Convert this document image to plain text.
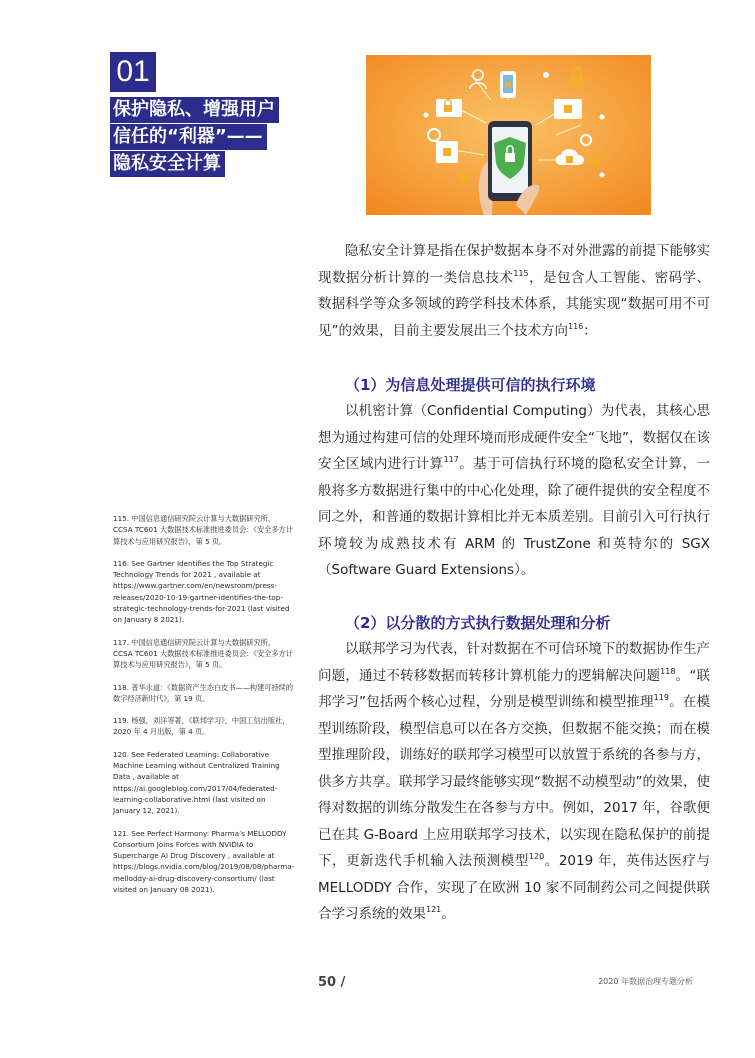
01
保护隐私、增强用户
信任的“利器”——
隐私安全计算

隐私安全计算是指在保护数据本身不对外泄露的前提下能够实现数据分析计算的一类信息技术$^{115}$，是包含人工智能、密码学、数据科学等众多领域的跨学科技术体系，其能实现“数据可用不可见”的效果，目前主要发展出三个技术方向$^{116}$：

（1）为信息处理提供可信的执行环境

以机密计算（Confidential Computing）为代表，其核心思想为通过构建可信的处理环境而形成硬件安全“飞地”，数据仅在该安全区域内进行计算$^{117}$。基于可信执行环境的隐私安全计算，一般将多方数据进行集中的中心化处理，除了硬件提供的安全程度不同之外，和普通的数据计算相比并无本质差别。目前引入可行执行环境较为成熟技术有 ARM 的 TrustZone 和英特尔的 SGX（Software Guard Extensions）。

（2）以分散的方式执行数据处理和分析

以联邦学习为代表，针对数据在不可信环境下的数据协作生产问题，通过不转移数据而转移计算机能力的逻辑解决问题$^{118}$。“联邦学习”包括两个核心过程，分别是模型训练和模型推理$^{119}$。在模型训练阶段，模型信息可以在各方交换，但数据不能交换；而在模型推理阶段，训练好的联邦学习模型可以放置于系统的各参与方，供多方共享。联邦学习最终能够实现“数据不动模型动”的效果，使得对数据的训练分散发生在各参与方中。例如，2017 年，谷歌便已在其 G-Board 上应用联邦学习技术，以实现在隐私保护的前提下，更新迭代手机输入法预测模型$^{120}$。2019 年，英伟达医疗与 MELLODDY 合作，实现了在欧洲 10 家不同制药公司之间提供联合学习系统的效果$^{121}$。

115. 中国信息通信研究院云计算与大数据研究所，CCSA TC601 大数据技术标准推进委员会：《安全多方计算技术与应用研究报告》，第 5 页。

116. See Gartner Identifies the Top Strategic Technology Trends for 2021 , available at https://www.gartner.com/en/newsroom/press-releases/2020-10-19-gartner-identifies-the-top-strategic-technology-trends-for-2021 (last visited on January 8 2021).

117. 中国信息通信研究院云计算与大数据研究所，CCSA TC601 大数据技术标准推进委员会：《安全多方计算技术与应用研究报告》，第 5 页。

118. 普华永道：《数据资产生态白皮书——构建可持续的数字经济新时代》，第 19 页。

119. 杨强，刘洋等著，《联邦学习》，中国工信出版社，2020 年 4 月出版，第 4 页。

120. See Federated Learning: Collaborative Machine Learning without Centralized Training Data , available at https://ai.googleblog.com/2017/04/federated-learning-collaborative.html (last visited on January 12, 2021).

121. See Perfect Harmony: Pharma’s MELLODDY Consortium Joins Forces with NVIDIA to Supercharge AI Drug Discovery , available at https://blogs.nvidia.com/blog/2019/08/08/pharma-melloddy-ai-drug-discovery-consortium/ (last visited on January 08 2021).

50 /	2020 年数据治理专题分析
